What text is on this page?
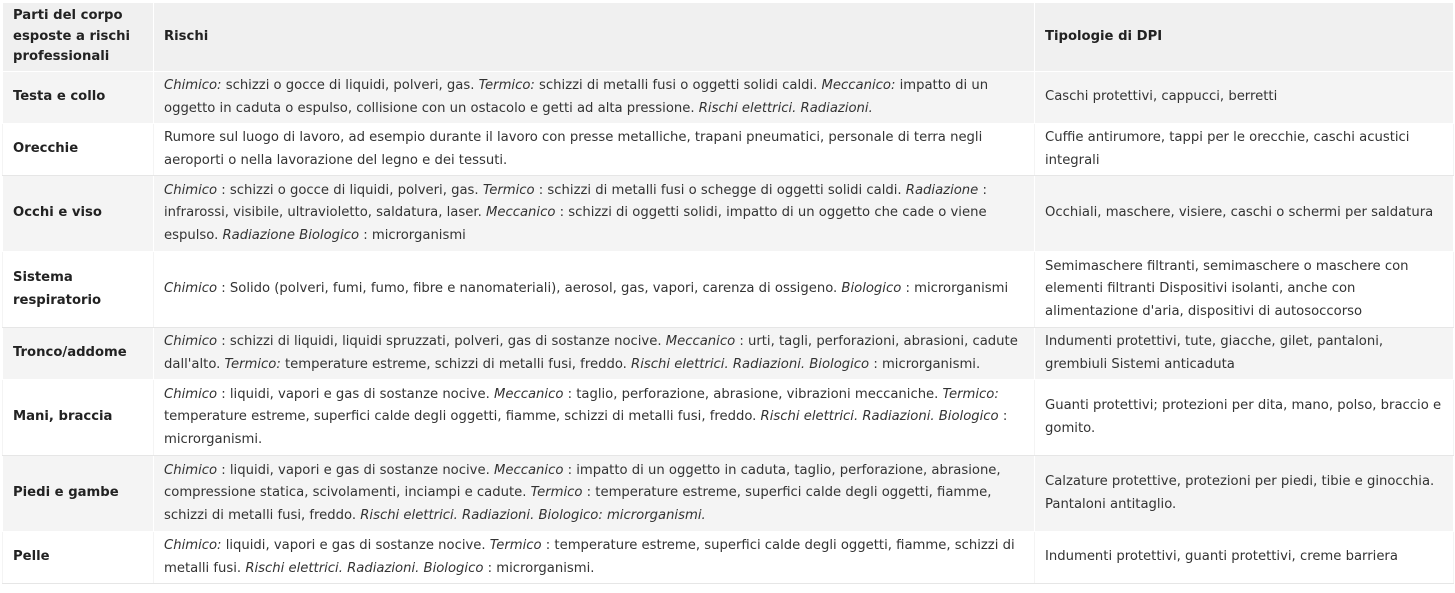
Parti del corpo esposte a rischi professionali	Rischi	Tipologie di DPI
Testa e collo	Chimico: schizzi o gocce di liquidi, polveri, gas. Termico: schizzi di metalli fusi o oggetti solidi caldi. Meccanico: impatto di un oggetto in caduta o espulso, collisione con un ostacolo e getti ad alta pressione. Rischi elettrici. Radiazioni.	Caschi protettivi, cappucci, berretti
Orecchie	Rumore sul luogo di lavoro, ad esempio durante il lavoro con presse metalliche, trapani pneumatici, personale di terra negli aeroporti o nella lavorazione del legno e dei tessuti.	Cuffie antirumore, tappi per le orecchie, caschi acustici integrali
Occhi e viso	Chimico : schizzi o gocce di liquidi, polveri, gas. Termico : schizzi di metalli fusi o schegge di oggetti solidi caldi. Radiazione : infrarossi, visibile, ultravioletto, saldatura, laser. Meccanico : schizzi di oggetti solidi, impatto di un oggetto che cade o viene espulso. Radiazione Biologico : microrganismi	Occhiali, maschere, visiere, caschi o schermi per saldatura
Sistema respiratorio	Chimico : Solido (polveri, fumi, fumo, fibre e nanomateriali), aerosol, gas, vapori, carenza di ossigeno. Biologico : microrganismi	Semimaschere filtranti, semimaschere o maschere con elementi filtranti Dispositivi isolanti, anche con alimentazione d'aria, dispositivi di autosoccorso
Tronco/addome	Chimico : schizzi di liquidi, liquidi spruzzati, polveri, gas di sostanze nocive. Meccanico : urti, tagli, perforazioni, abrasioni, cadute dall'alto. Termico: temperature estreme, schizzi di metalli fusi, freddo. Rischi elettrici. Radiazioni. Biologico : microrganismi.	Indumenti protettivi, tute, giacche, gilet, pantaloni, grembiuli Sistemi anticaduta
Mani, braccia	Chimico : liquidi, vapori e gas di sostanze nocive. Meccanico : taglio, perforazione, abrasione, vibrazioni meccaniche. Termico: temperature estreme, superfici calde degli oggetti, fiamme, schizzi di metalli fusi, freddo. Rischi elettrici. Radiazioni. Biologico : microrganismi.	Guanti protettivi; protezioni per dita, mano, polso, braccio e gomito.
Piedi e gambe	Chimico : liquidi, vapori e gas di sostanze nocive. Meccanico : impatto di un oggetto in caduta, taglio, perforazione, abrasione, compressione statica, scivolamenti, inciampi e cadute. Termico : temperature estreme, superfici calde degli oggetti, fiamme, schizzi di metalli fusi, freddo. Rischi elettrici. Radiazioni. Biologico: microrganismi.	Calzature protettive, protezioni per piedi, tibie e ginocchia. Pantaloni antitaglio.
Pelle	Chimico: liquidi, vapori e gas di sostanze nocive. Termico : temperature estreme, superfici calde degli oggetti, fiamme, schizzi di metalli fusi. Rischi elettrici. Radiazioni. Biologico : microrganismi.	Indumenti protettivi, guanti protettivi, creme barriera
